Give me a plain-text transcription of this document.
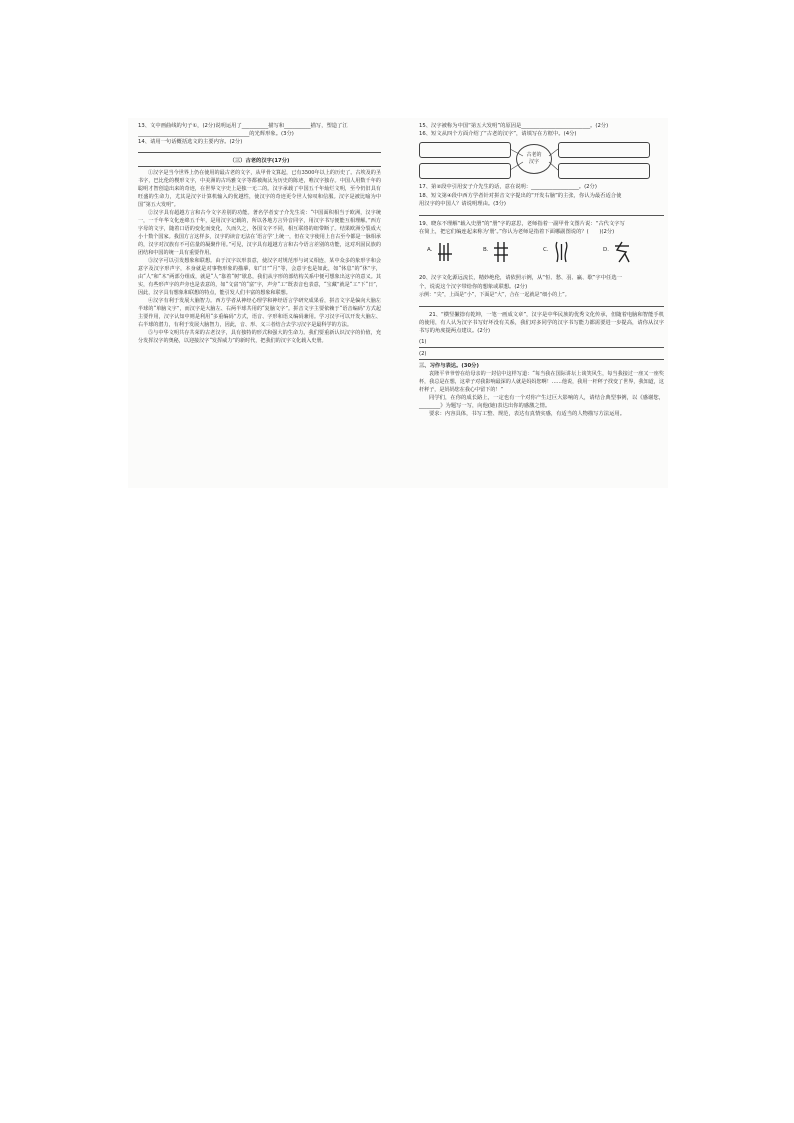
13、文中画曲线的句子①，(2分)说明运用了__________描写和__________描写，塑造了江
__________________________________________的光辉形象。(3分)
14、请用一句话概括选文的主要内容。(2分)
（三）古老的汉字(17分)
①汉字是当今世界上仍在使用的最古老的文字，从甲骨文算起，已有3500年以上的历史了。古埃及的圣书字，巴比伦的楔形文字，中美洲的古玛雅文字等都被淘汰为历史的陈迹，唯汉字独存。中国人用数千年的聪明才智创造出来的奇迹，在世界文字史上是独一无二的。汉字承载了中国五千年灿烂文明，至今仍旧具有旺盛的生命力，尤其是汉字计算机输入的优越性，使汉字的奇迹更令世人惊叹和信服。汉字是被比喻为中国“第五大发明”。
②汉字具有超越方言和古今文字差别的功能。著名学者安子介先生说：“中国面积相当于欧洲，汉字统一，一千年华文化连绵五千年，是用汉字记载的，所以各地方言异音同字，用汉字书写便能互相理解。”西方字母的文字，随着口语的变化而变化，久而久之，各国文字不同，相互联络的纽带断了。结果欧洲分裂成大小十数个国家。我国方言这样多，汉字的读音无法在‘语言学’上统一，但在文字使用上自古至今都是一脉相承的，汉字对汉族有不可估量的凝聚作用。”可见，汉字具有超越方言和古今语言差别的功能，这对巩固民族的团结和中国的统一具有重要作用。
③汉字可以引发想象和联想。由于汉字以形表意，使汉字对规范形与词义相连，某中众多的象形字和会意字及汉字形声字，本身就是对事物形象的描摹，如“日”“月”等，会意字也是如此，如“休息”的“休”字，由“人”和“木”两部分组成，就是“人”靠着“树”歇息，我们从字形的部结构关系中便可想象出这字的意义。其实，有些形声字的声旁也是表意的，如“文富”的“富”字，声旁“工”既表音也表意，“宝藏”就是“工”下“日”，因此，汉字具有想象和联想的特点，能引发人们丰富的想象和联想。
④汉字有利于发展大脑智力。西方学者从神经心理学和神经语言学研究成果看，拼音文字是偏向大脑左半球的“单脑文字”，而汉字是大脑左、右两半球共用的“复脑文字”。拼音文字主要依赖于“语音编码”方式起主要作用，汉字认知中则是利用“多重编码”方式，语音、字形和语义编码兼用。学习汉字可以开发大脑左、右半球的潜力，有利于发展大脑智力，因此，音、形、义三者结合去学习汉字是最科学的方法。
⑤与中华文明共存共荣的古老汉字，具有独特的形式和强大的生命力。我们要重新认识汉字的价值，充分发挥汉字的奥秘，以迎接汉字“发挥威力”的新时代，把我们的汉字文化载入史册。
15、汉字被称为中国“第五大发明”的原因是__________________________。(2分)
16、短文从四个方面介绍了“古老的汉字”，请填写在方框中。(4分)
古老的
汉字
17、第②段中引用安子介先生的话，意在说明：__________________。(2分)
18、短文第④段中西方学者针对拼音文字提出的“开发右脑”的主张，你认为最否适合使
用汉字的中国人？请说明理由。(3分)
19、晓东不理解“载入史册”的“册”字的意思，老师指着一副甲骨文图片说：“古代文字写
在简上，把它们编连起来称为‘册’。”你认为老师是指着下面哪副图说的？(　　)(2分)
A.	B.	C.	D.
20、汉字文化源远流长，精妙绝伦，请依照示例，从“恒、愁、羽、赢、歇”字中任选一
个，说说这个汉字带给你的想象或联想。(2分)
示例：“尖”，上面是“小”，下面是“大”，合在一起就是“细小的上”。
21、“横竖撇捺有乾坤，一笔一画成文章”，汉字是中华民族的优秀文化传承，但随着电脑和智能手机的使用，有人认为汉字书写好坏没有关系，我们对多同学的汉字书写能力都需要进一步提高，请你从汉字书写的角度提两点建议。(2分)
(1)
(2)
三、习作与表达。(30分)
袁隆平爷爷曾在给母亲的一封信中这样写道：“每当我在国际讲坛上谈笑风生，每当我接过一座又一座奖杯，我总是在想，这辈子对我影响最深的人就是妈妈您啊！……他说，我用一杆秤子找变了世界，我知道，这杆秤子，是妈妈您在我心中留下的！”
同学们，在你的成长路上，一定也有一个对你产生过巨大影响的人，请结合典型事例，以《感谢您，________》为题写一写，向他(她)表达出你的感激之情。
要求：内容具体，书写工整、规范，表达有真情实感，有适当的人物描写方法运用。
